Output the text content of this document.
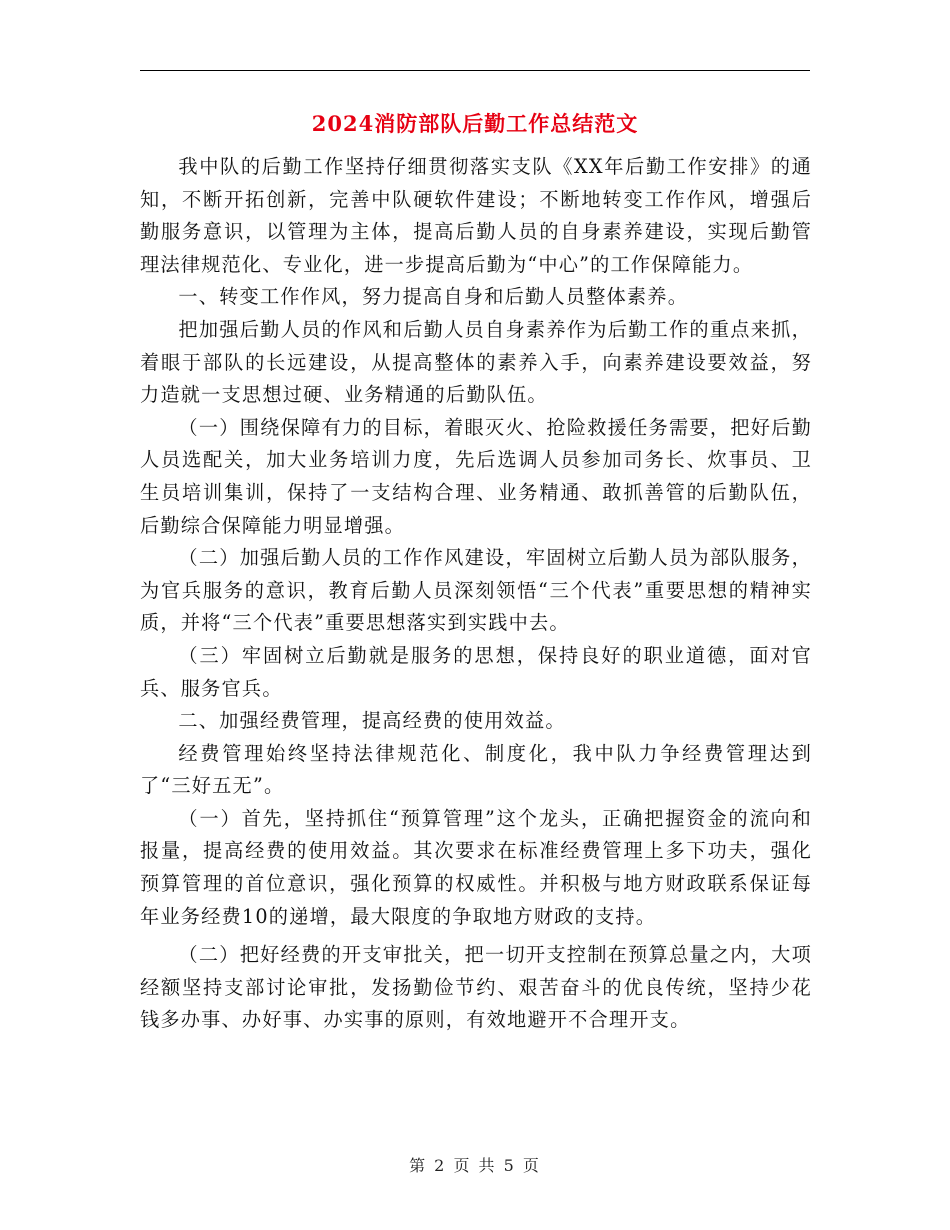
2024消防部队后勤工作总结范文

我中队的后勤工作坚持仔细贯彻落实支队《XX年后勤工作安排》的通知，不断开拓创新，完善中队硬软件建设；不断地转变工作作风，增强后勤服务意识，以管理为主体，提高后勤人员的自身素养建设，实现后勤管理法律规范化、专业化，进一步提高后勤为“中心”的工作保障能力。

一、转变工作作风，努力提高自身和后勤人员整体素养。

把加强后勤人员的作风和后勤人员自身素养作为后勤工作的重点来抓，着眼于部队的长远建设，从提高整体的素养入手，向素养建设要效益，努力造就一支思想过硬、业务精通的后勤队伍。

（一）围绕保障有力的目标，着眼灭火、抢险救援任务需要，把好后勤人员选配关，加大业务培训力度，先后选调人员参加司务长、炊事员、卫生员培训集训，保持了一支结构合理、业务精通、敢抓善管的后勤队伍，后勤综合保障能力明显增强。

（二）加强后勤人员的工作作风建设，牢固树立后勤人员为部队服务，为官兵服务的意识，教育后勤人员深刻领悟“三个代表”重要思想的精神实质，并将“三个代表”重要思想落实到实践中去。

（三）牢固树立后勤就是服务的思想，保持良好的职业道德，面对官兵、服务官兵。

二、加强经费管理，提高经费的使用效益。

经费管理始终坚持法律规范化、制度化，我中队力争经费管理达到了“三好五无”。

（一）首先，坚持抓住“预算管理”这个龙头，正确把握资金的流向和报量，提高经费的使用效益。其次要求在标准经费管理上多下功夫，强化预算管理的首位意识，强化预算的权威性。并积极与地方财政联系保证每年业务经费10的递增，最大限度的争取地方财政的支持。

（二）把好经费的开支审批关，把一切开支控制在预算总量之内，大项经额坚持支部讨论审批，发扬勤俭节约、艰苦奋斗的优良传统，坚持少花钱多办事、办好事、办实事的原则，有效地避开不合理开支。

第 2 页 共 5 页
